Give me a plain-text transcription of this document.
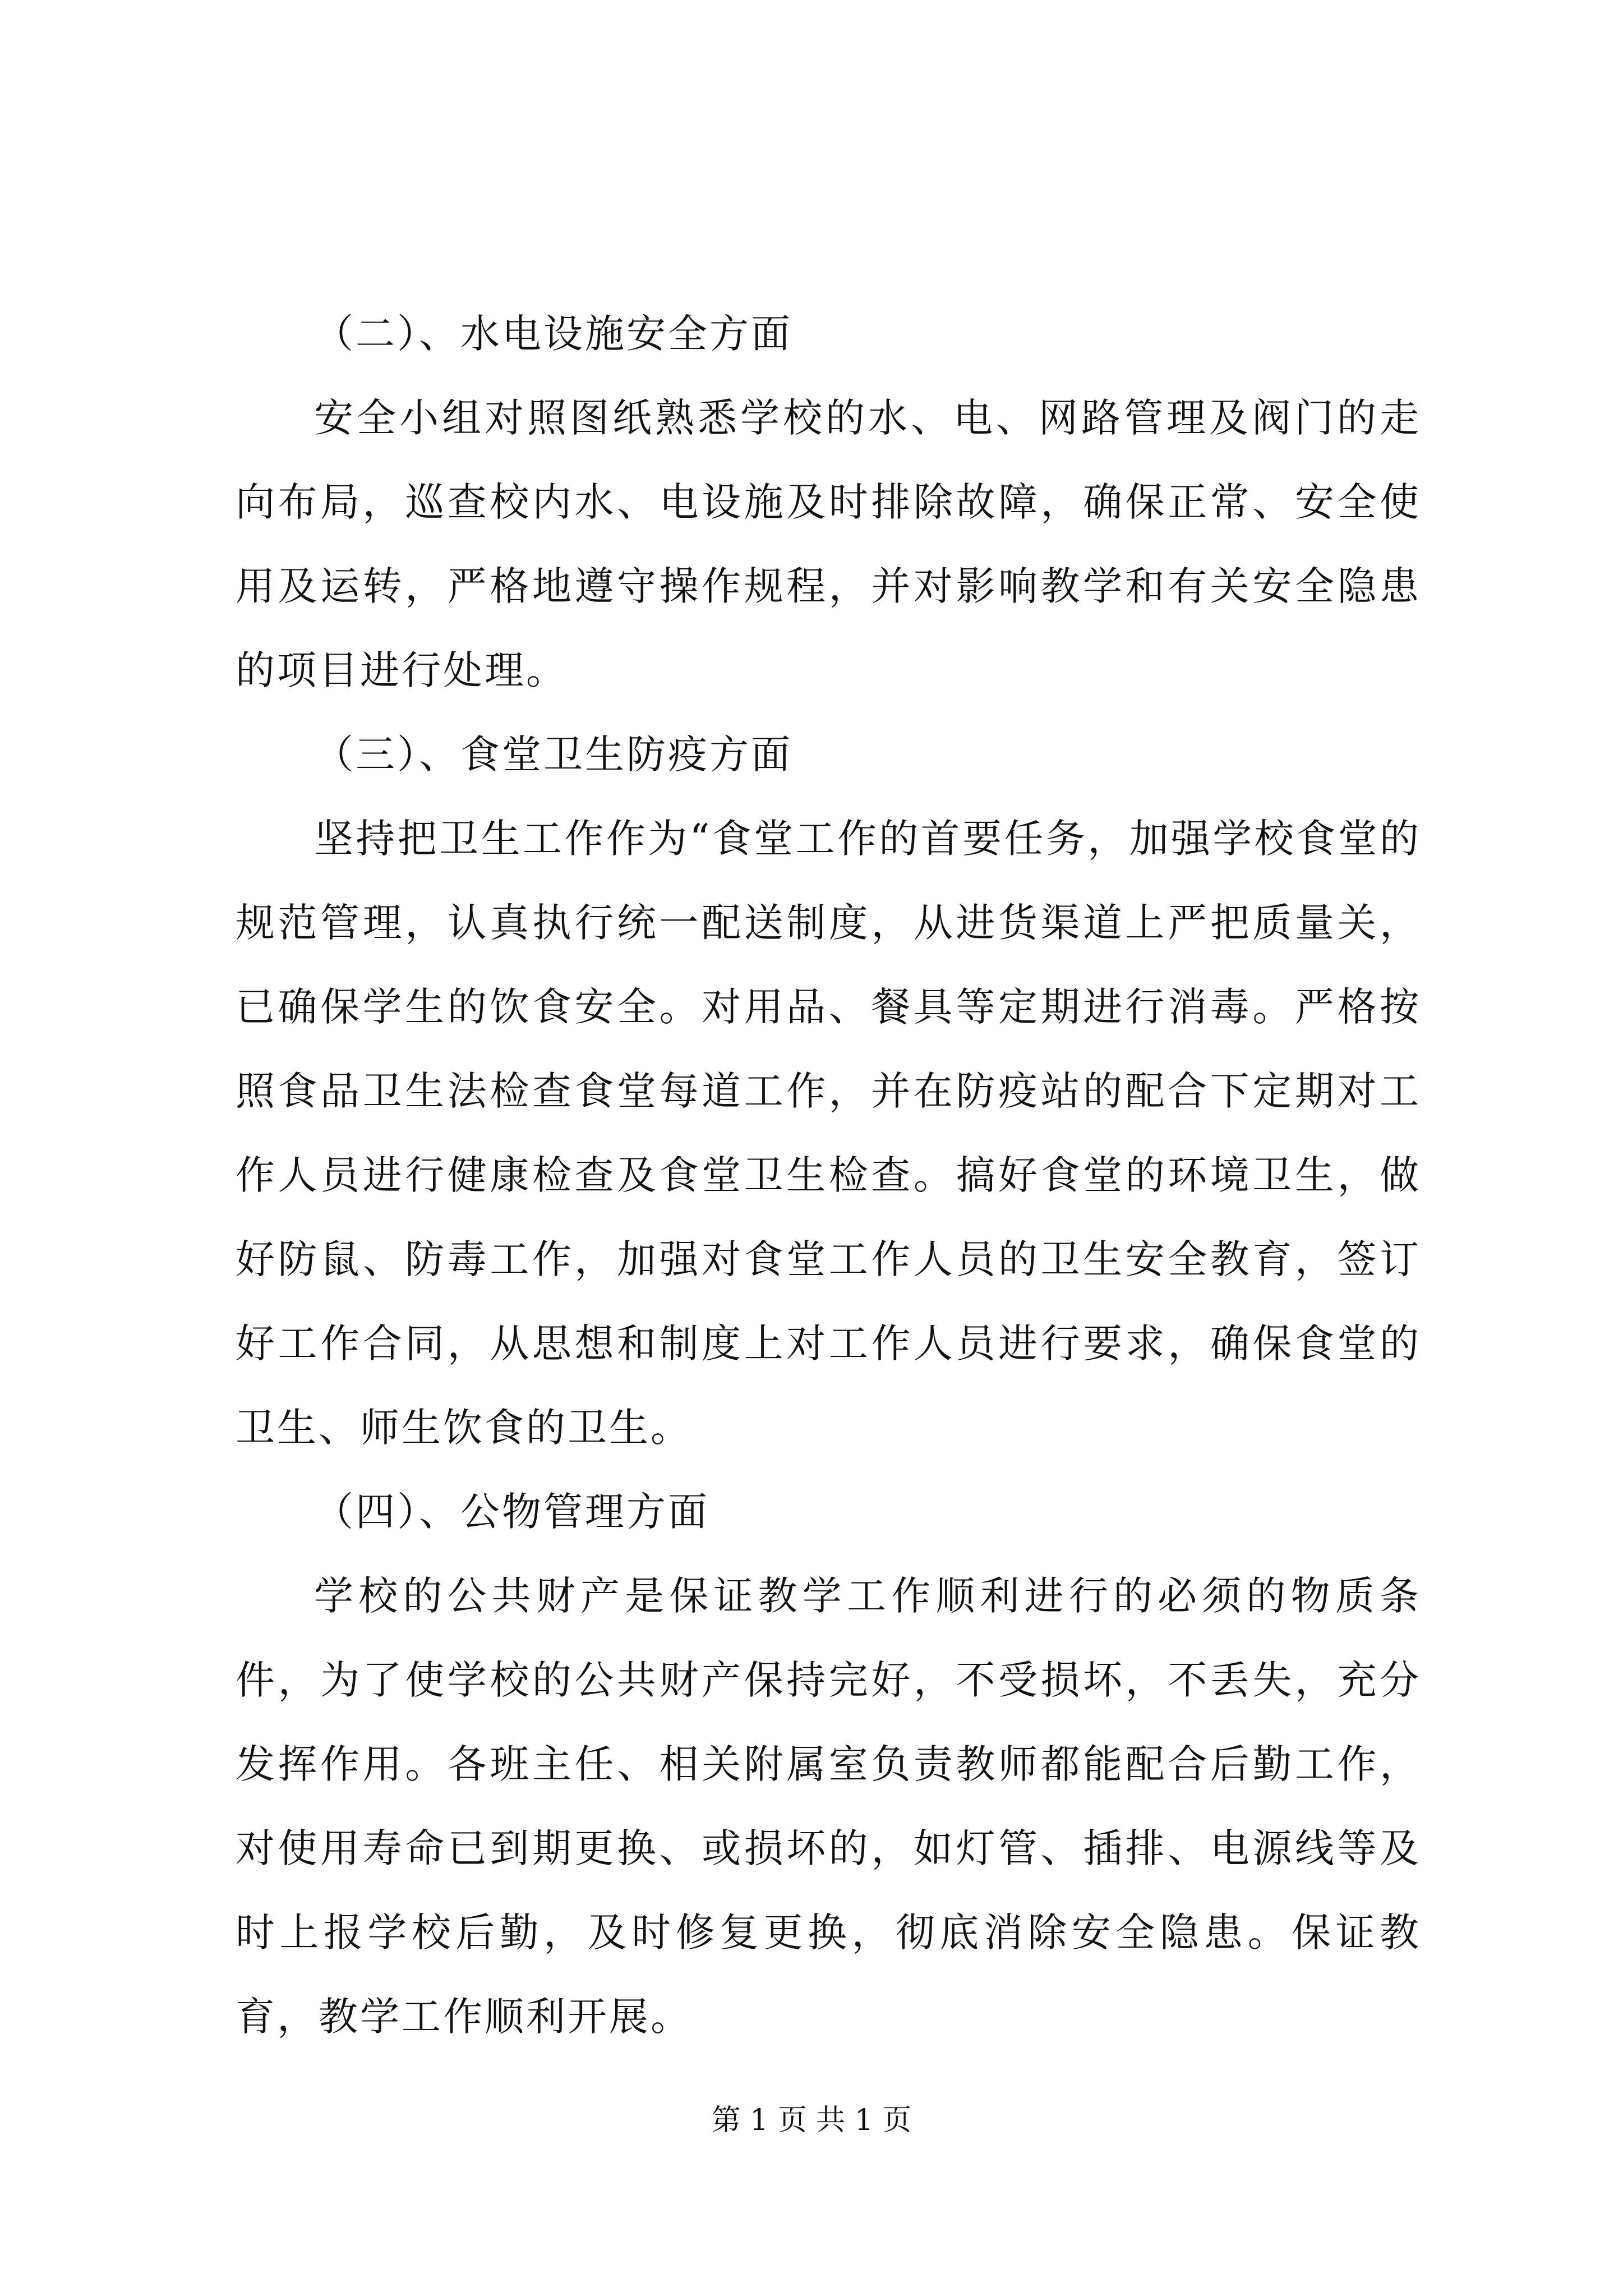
（二）、水电设施安全方面

安全小组对照图纸熟悉学校的水、电、网路管理及阀门的走向布局，巡查校内水、电设施及时排除故障，确保正常、安全使用及运转，严格地遵守操作规程，并对影响教学和有关安全隐患的项目进行处理。

（三）、食堂卫生防疫方面

坚持把卫生工作作为“食堂工作的首要任务，加强学校食堂的规范管理，认真执行统一配送制度，从进货渠道上严把质量关，已确保学生的饮食安全。对用品、餐具等定期进行消毒。严格按照食品卫生法检查食堂每道工作，并在防疫站的配合下定期对工作人员进行健康检查及食堂卫生检查。搞好食堂的环境卫生，做好防鼠、防毒工作，加强对食堂工作人员的卫生安全教育，签订好工作合同，从思想和制度上对工作人员进行要求，确保食堂的卫生、师生饮食的卫生。

（四）、公物管理方面

学校的公共财产是保证教学工作顺利进行的必须的物质条件，为了使学校的公共财产保持完好，不受损坏，不丢失，充分发挥作用。各班主任、相关附属室负责教师都能配合后勤工作，对使用寿命已到期更换、或损坏的，如灯管、插排、电源线等及时上报学校后勤，及时修复更换，彻底消除安全隐患。保证教育，教学工作顺利开展。

第 1 页 共 1 页
